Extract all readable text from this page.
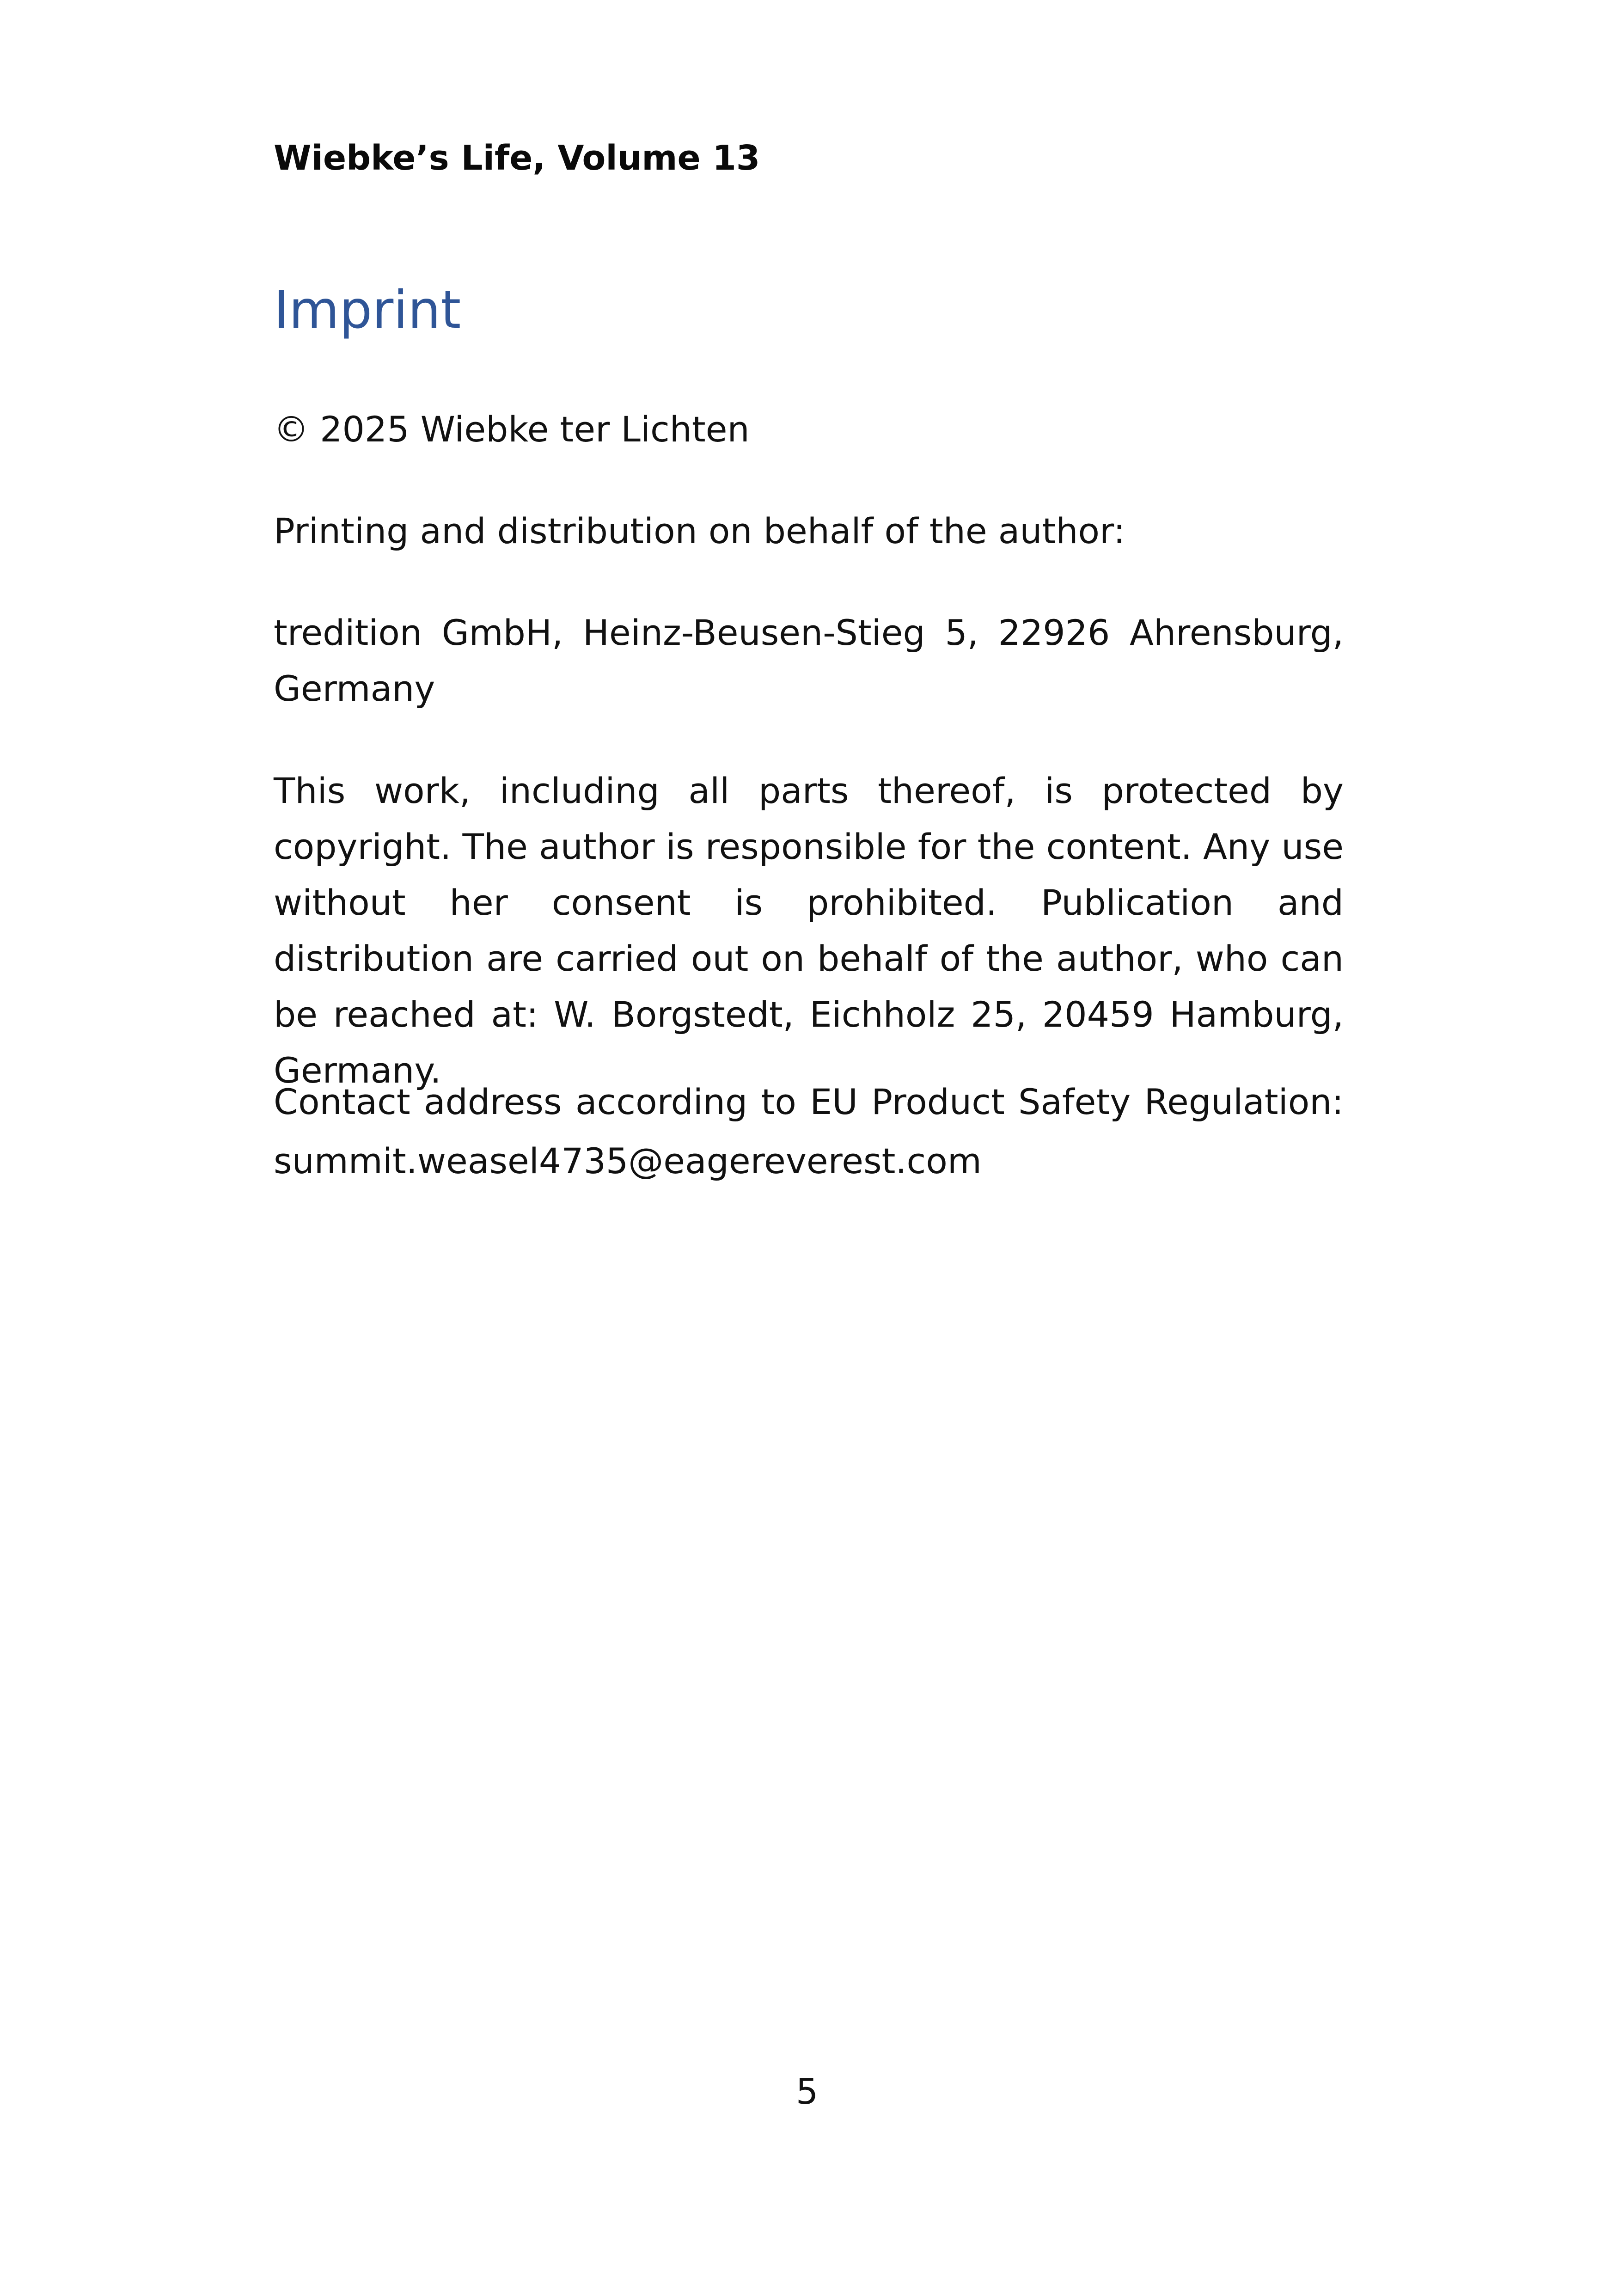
Wiebke’s Life, Volume 13

Imprint

© 2025 Wiebke ter Lichten

Printing and distribution on behalf of the author:

tredition GmbH, Heinz-Beusen-Stieg 5, 22926 Ahrensburg, Germany

This work, including all parts thereof, is protected by copyright. The author is responsible for the content. Any use without her consent is prohibited. Publication and distribution are carried out on behalf of the author, who can be reached at: W. Borgstedt, Eichholz 25, 20459 Hamburg, Germany.

Contact address according to EU Product Safety Regulation:
summit.weasel4735@eagereverest.com

5
